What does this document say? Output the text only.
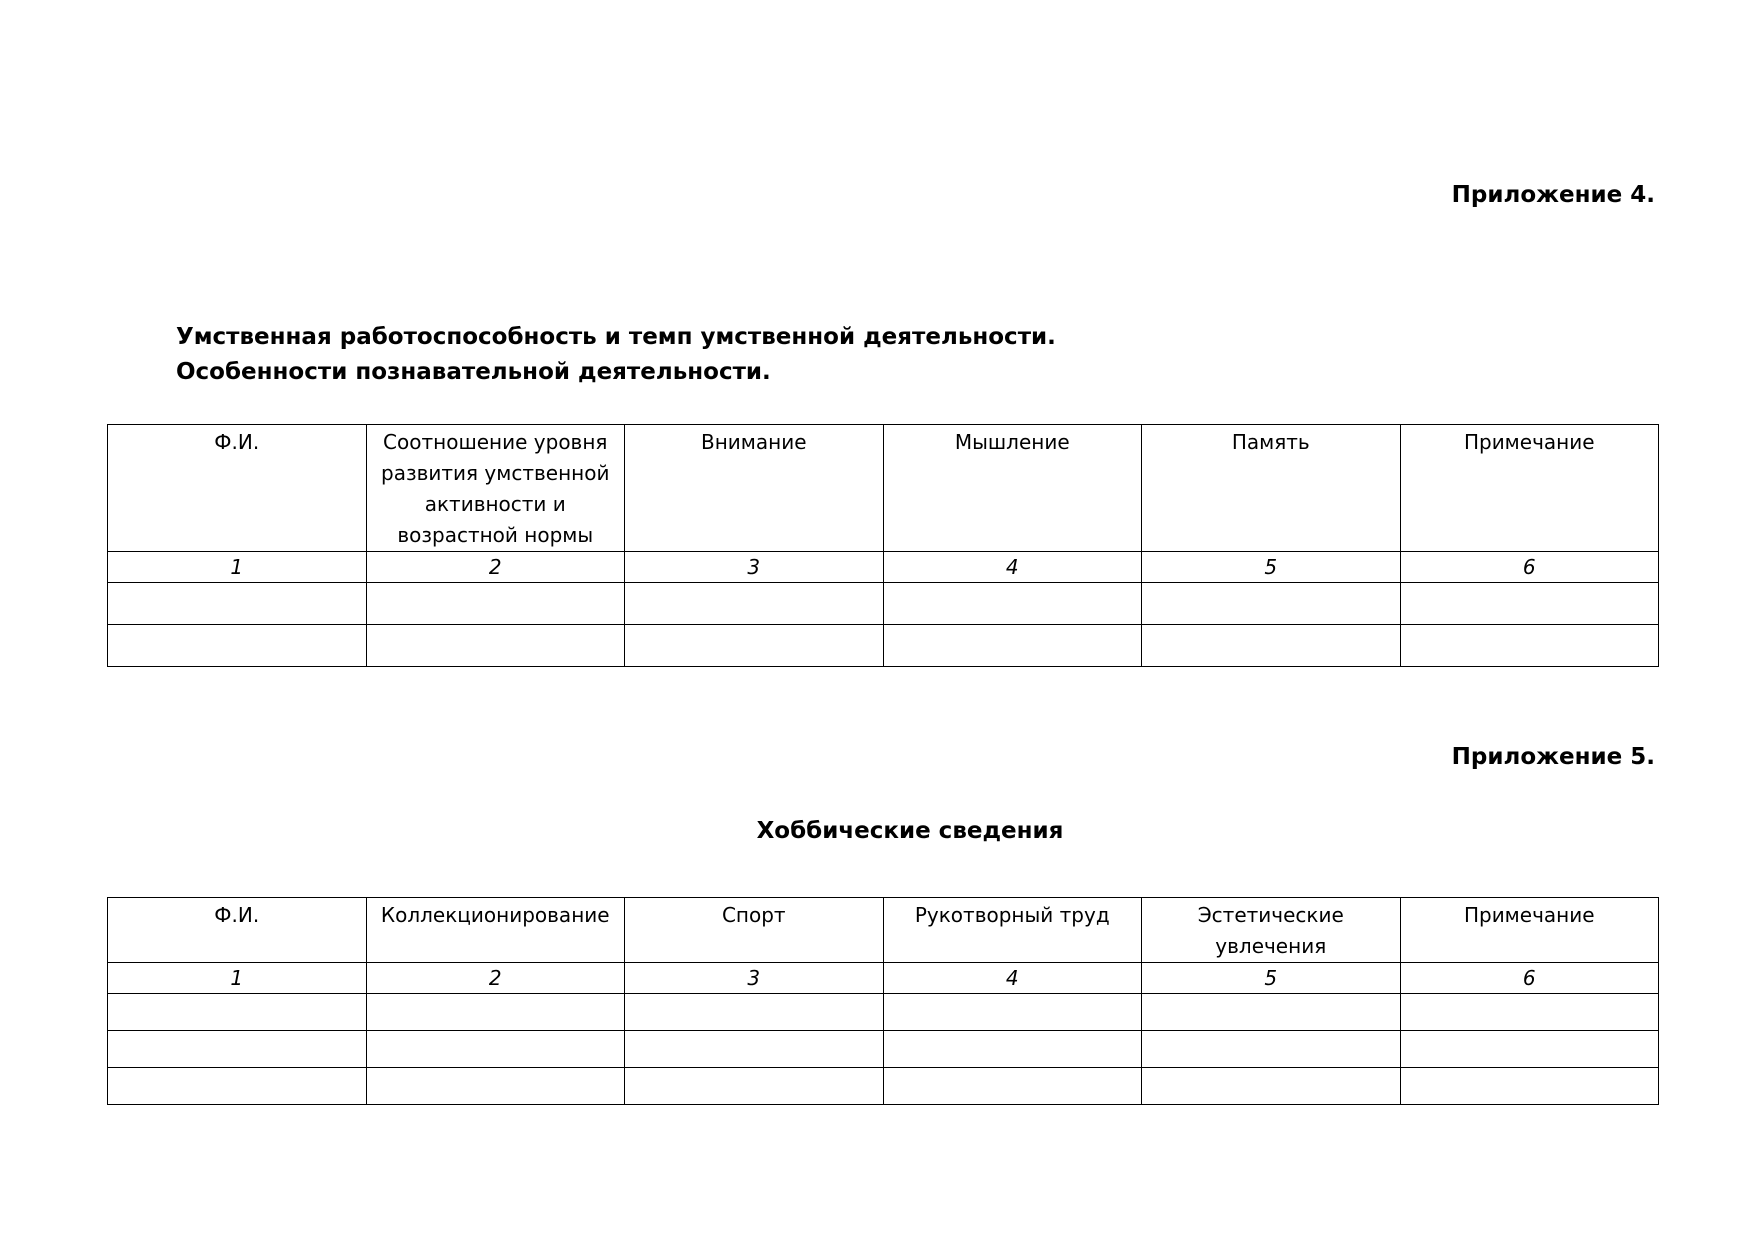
Приложение 4.
Умственная работоспособность и темп умственной деятельности.
Особенности познавательной деятельности.
Ф.И.	Соотношение уровня развития умственной активности и возрастной нормы	Внимание	Мышление	Память	Примечание
1	2	3	4	5	6

Приложение 5.
Хоббические сведения
Ф.И.	Коллекционирование	Спорт	Рукотворный труд	Эстетические увлечения	Примечание
1	2	3	4	5	6
